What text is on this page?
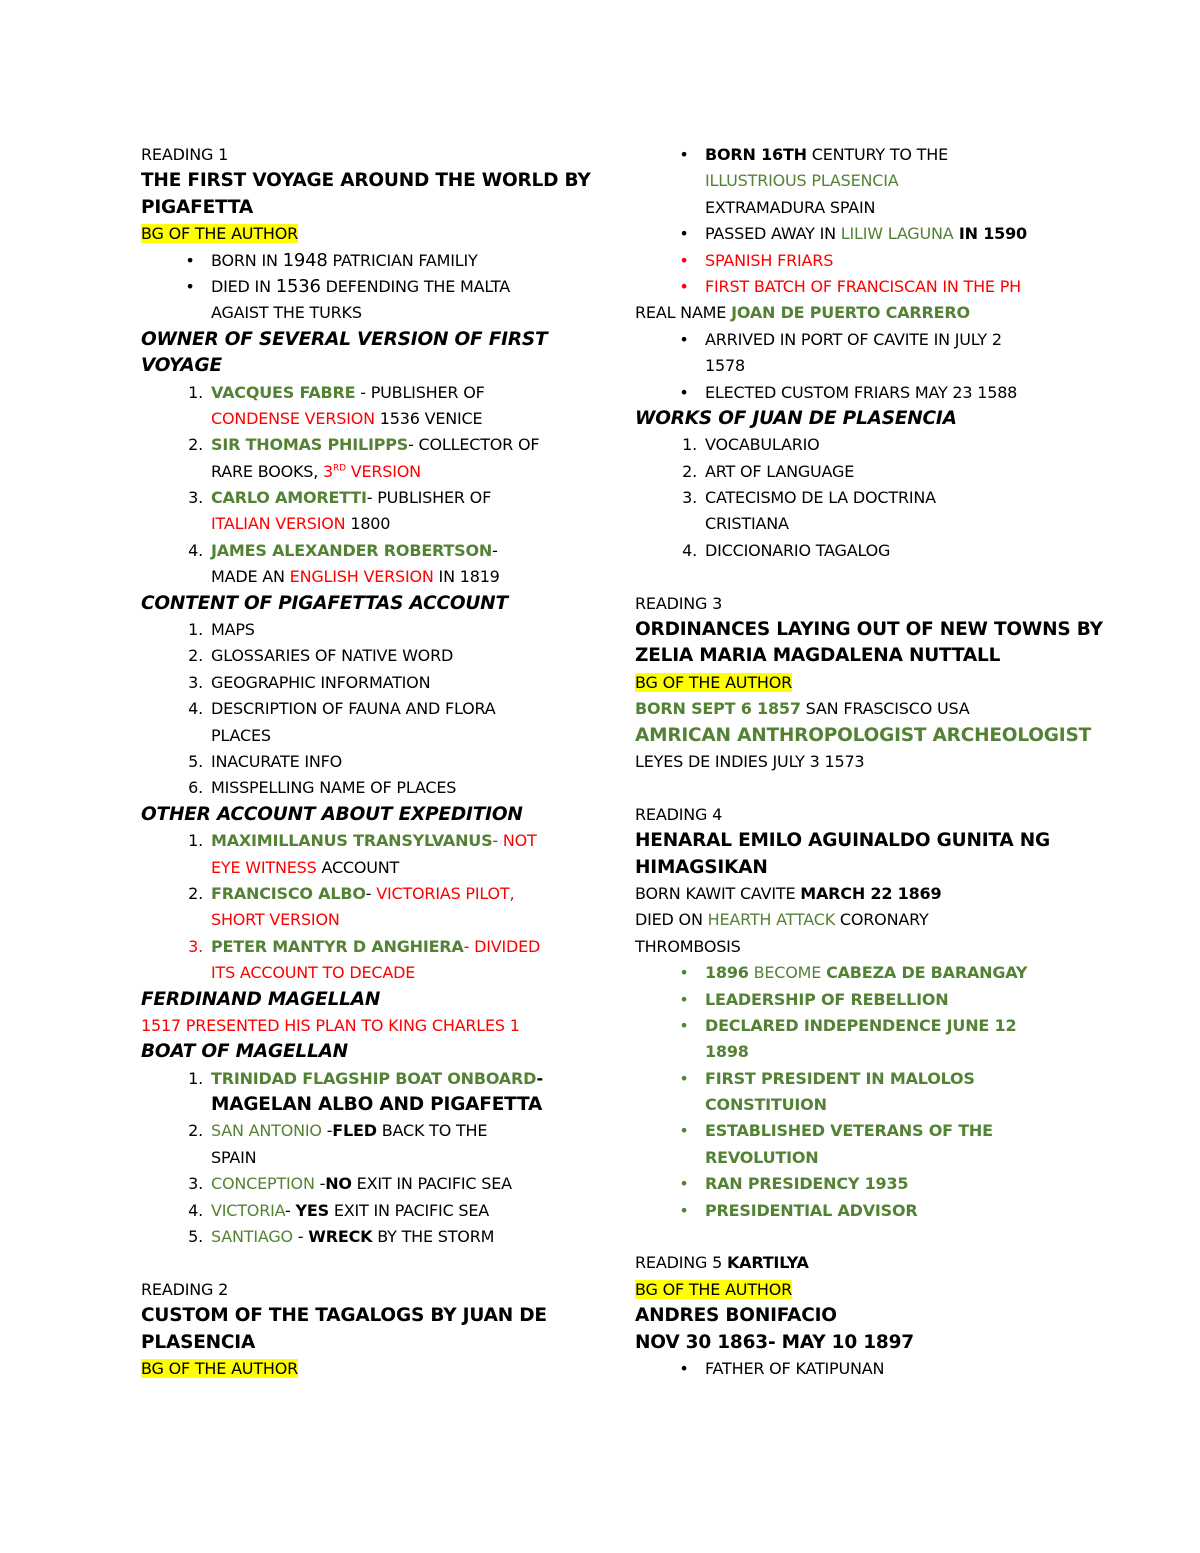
READING 1
THE FIRST VOYAGE AROUND THE WORLD BY
PIGAFETTA
BG OF THE AUTHOR
•	BORN IN 1948 PATRICIAN FAMILIY
•	DIED IN 1536 DEFENDING THE MALTA
AGAIST THE TURKS
OWNER OF SEVERAL VERSION OF FIRST
VOYAGE
1. VACQUES FABRE - PUBLISHER OF
CONDENSE VERSION 1536 VENICE
2. SIR THOMAS PHILIPPS- COLLECTOR OF
RARE BOOKS, 3RD VERSION
3. CARLO AMORETTI- PUBLISHER OF
ITALIAN VERSION 1800
4. JAMES ALEXANDER ROBERTSON-
MADE AN ENGLISH VERSION IN 1819
CONTENT OF PIGAFETTAS ACCOUNT
1. MAPS
2. GLOSSARIES OF NATIVE WORD
3. GEOGRAPHIC INFORMATION
4. DESCRIPTION OF FAUNA AND FLORA
PLACES
5. INACURATE INFO
6. MISSPELLING NAME OF PLACES
OTHER ACCOUNT ABOUT EXPEDITION
1. MAXIMILLANUS TRANSYLVANUS- NOT
EYE WITNESS ACCOUNT
2. FRANCISCO ALBO- VICTORIAS PILOT,
SHORT VERSION
3. PETER MANTYR D ANGHIERA- DIVIDED
ITS ACCOUNT TO DECADE
FERDINAND MAGELLAN
1517 PRESENTED HIS PLAN TO KING CHARLES 1
BOAT OF MAGELLAN
1. TRINIDAD FLAGSHIP BOAT ONBOARD-
MAGELAN ALBO AND PIGAFETTA
2. SAN ANTONIO -FLED BACK TO THE
SPAIN
3. CONCEPTION -NO EXIT IN PACIFIC SEA
4. VICTORIA- YES EXIT IN PACIFIC SEA
5. SANTIAGO - WRECK BY THE STORM
READING 2
CUSTOM OF THE TAGALOGS BY JUAN DE
PLASENCIA
BG OF THE AUTHOR
•	BORN 16TH CENTURY TO THE
ILLUSTRIOUS PLASENCIA
EXTRAMADURA SPAIN
•	PASSED AWAY IN LILIW LAGUNA IN 1590
•	SPANISH FRIARS
•	FIRST BATCH OF FRANCISCAN IN THE PH
REAL NAME JOAN DE PUERTO CARRERO
•	ARRIVED IN PORT OF CAVITE IN JULY 2
1578
•	ELECTED CUSTOM FRIARS MAY 23 1588
WORKS OF JUAN DE PLASENCIA
1. VOCABULARIO
2. ART OF LANGUAGE
3. CATECISMO DE LA DOCTRINA
CRISTIANA
4. DICCIONARIO TAGALOG
READING 3
ORDINANCES LAYING OUT OF NEW TOWNS BY
ZELIA MARIA MAGDALENA NUTTALL
BG OF THE AUTHOR
BORN SEPT 6 1857 SAN FRASCISCO USA
AMRICAN ANTHROPOLOGIST ARCHEOLOGIST
LEYES DE INDIES JULY 3 1573
READING 4
HENARAL EMILO AGUINALDO GUNITA NG
HIMAGSIKAN
BORN KAWIT CAVITE MARCH 22 1869
DIED ON HEARTH ATTACK CORONARY
THROMBOSIS
•	1896 BECOME CABEZA DE BARANGAY
•	LEADERSHIP OF REBELLION
•	DECLARED INDEPENDENCE JUNE 12
1898
•	FIRST PRESIDENT IN MALOLOS
CONSTITUION
•	ESTABLISHED VETERANS OF THE
REVOLUTION
•	RAN PRESIDENCY 1935
•	PRESIDENTIAL ADVISOR
READING 5 KARTILYA
BG OF THE AUTHOR
ANDRES BONIFACIO
NOV 30 1863- MAY 10 1897
•	FATHER OF KATIPUNAN
